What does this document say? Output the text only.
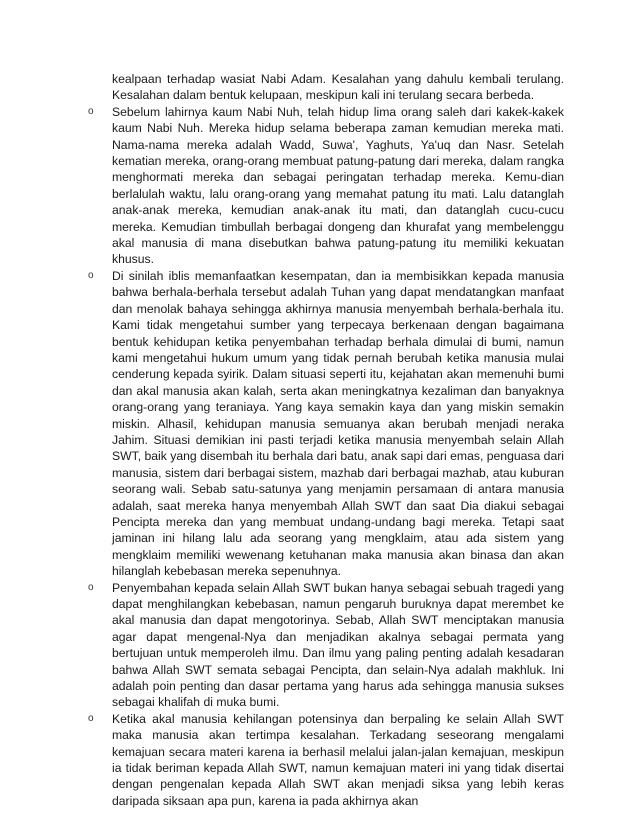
kealpaan terhadap wasiat Nabi Adam. Kesalahan yang dahulu kembali terulang. Kesalahan dalam bentuk kelupaan, meskipun kali ini terulang secara berbeda.

o Sebelum lahirnya kaum Nabi Nuh, telah hidup lima orang saleh dari kakek-kakek kaum Nabi Nuh. Mereka hidup selama beberapa zaman kemudian mereka mati. Nama-nama mereka adalah Wadd, Suwa', Yaghuts, Ya'uq dan Nasr. Setelah kematian mereka, orang-orang membuat patung-patung dari mereka, dalam rangka menghormati mereka dan sebagai peringatan terhadap mereka. Kemu-dian berlalulah waktu, lalu orang-orang yang memahat patung itu mati. Lalu datanglah anak-anak mereka, kemudian anak-anak itu mati, dan datanglah cucu-cucu mereka. Kemudian timbullah berbagai dongeng dan khurafat yang membelenggu akal manusia di mana disebutkan bahwa patung-patung itu memiliki kekuatan khusus.

o Di sinilah iblis memanfaatkan kesempatan, dan ia membisikkan kepada manusia bahwa berhala-berhala tersebut adalah Tuhan yang dapat mendatangkan manfaat dan menolak bahaya sehingga akhirnya manusia menyembah berhala-berhala itu. Kami tidak mengetahui sumber yang terpecaya berkenaan dengan bagaimana bentuk kehidupan ketika penyembahan terhadap berhala dimulai di bumi, namun kami mengetahui hukum umum yang tidak pernah berubah ketika manusia mulai cenderung kepada syirik. Dalam situasi seperti itu, kejahatan akan memenuhi bumi dan akal manusia akan kalah, serta akan meningkatnya kezaliman dan banyaknya orang-orang yang teraniaya. Yang kaya semakin kaya dan yang miskin semakin miskin. Alhasil, kehidupan manusia semuanya akan berubah menjadi neraka Jahim. Situasi demikian ini pasti terjadi ketika manusia menyembah selain Allah SWT, baik yang disembah itu berhala dari batu, anak sapi dari emas, penguasa dari manusia, sistem dari berbagai sistem, mazhab dari berbagai mazhab, atau kuburan seorang wali. Sebab satu-satunya yang menjamin persamaan di antara manusia adalah, saat mereka hanya menyembah Allah SWT dan saat Dia diakui sebagai Pencipta mereka dan yang membuat undang-undang bagi mereka. Tetapi saat jaminan ini hilang lalu ada seorang yang mengklaim, atau ada sistem yang mengklaim memiliki wewenang ketuhanan maka manusia akan binasa dan akan hilanglah kebebasan mereka sepenuhnya.

o Penyembahan kepada selain Allah SWT bukan hanya sebagai sebuah tragedi yang dapat menghilangkan kebebasan, namun pengaruh buruknya dapat merembet ke akal manusia dan dapat mengotorinya. Sebab, Allah SWT menciptakan manusia agar dapat mengenal-Nya dan menjadikan akalnya sebagai permata yang bertujuan untuk memperoleh ilmu. Dan ilmu yang paling penting adalah kesadaran bahwa Allah SWT semata sebagai Pencipta, dan selain-Nya adalah makhluk. Ini adalah poin penting dan dasar pertama yang harus ada sehingga manusia sukses sebagai khalifah di muka bumi.

o Ketika akal manusia kehilangan potensinya dan berpaling ke selain Allah SWT maka manusia akan tertimpa kesalahan. Terkadang seseorang mengalami kemajuan secara materi karena ia berhasil melalui jalan-jalan kemajuan, meskipun ia tidak beriman kepada Allah SWT, namun kemajuan materi ini yang tidak disertai dengan pengenalan kepada Allah SWT akan menjadi siksa yang lebih keras daripada siksaan apa pun, karena ia pada akhirnya akan
